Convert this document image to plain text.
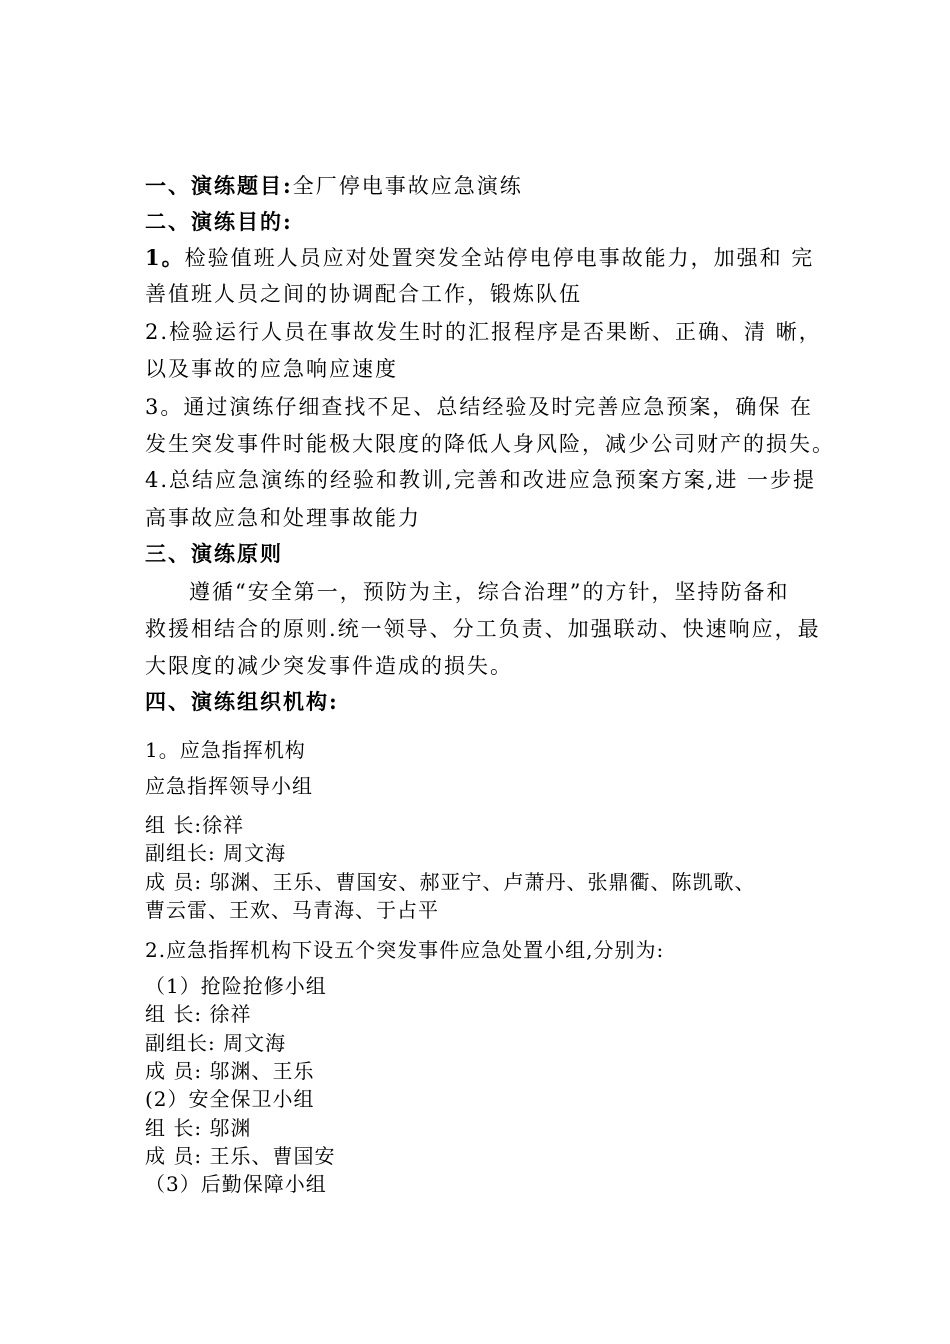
一、演练题目:全厂停电事故应急演练
二、演练目的:
1。检验值班人员应对处置突发全站停电停电事故能力，加强和 完
善值班人员之间的协调配合工作，锻炼队伍
2.检验运行人员在事故发生时的汇报程序是否果断、正确、清 晰，
以及事故的应急响应速度
3。通过演练仔细查找不足、总结经验及时完善应急预案，确保 在
发生突发事件时能极大限度的降低人身风险，减少公司财产的损失。
4.总结应急演练的经验和教训,完善和改进应急预案方案,进 一步提
高事故应急和处理事故能力
三、演练原则
遵循“安全第一，预防为主，综合治理”的方针，坚持防备和
救援相结合的原则.统一领导、分工负责、加强联动、快速响应，最
大限度的减少突发事件造成的损失。
四、演练组织机构:
1。应急指挥机构
应急指挥领导小组
组 长:徐祥
副组长: 周文海
成 员: 邬渊、王乐、曹国安、郝亚宁、卢萧丹、张鼎衢、陈凯歌、
曹云雷、王欢、马青海、于占平
2.应急指挥机构下设五个突发事件应急处置小组,分别为:
（1）抢险抢修小组
组 长: 徐祥
副组长: 周文海
成 员: 邬渊、王乐
(2）安全保卫小组
组 长: 邬渊
成 员: 王乐、曹国安
（3）后勤保障小组
